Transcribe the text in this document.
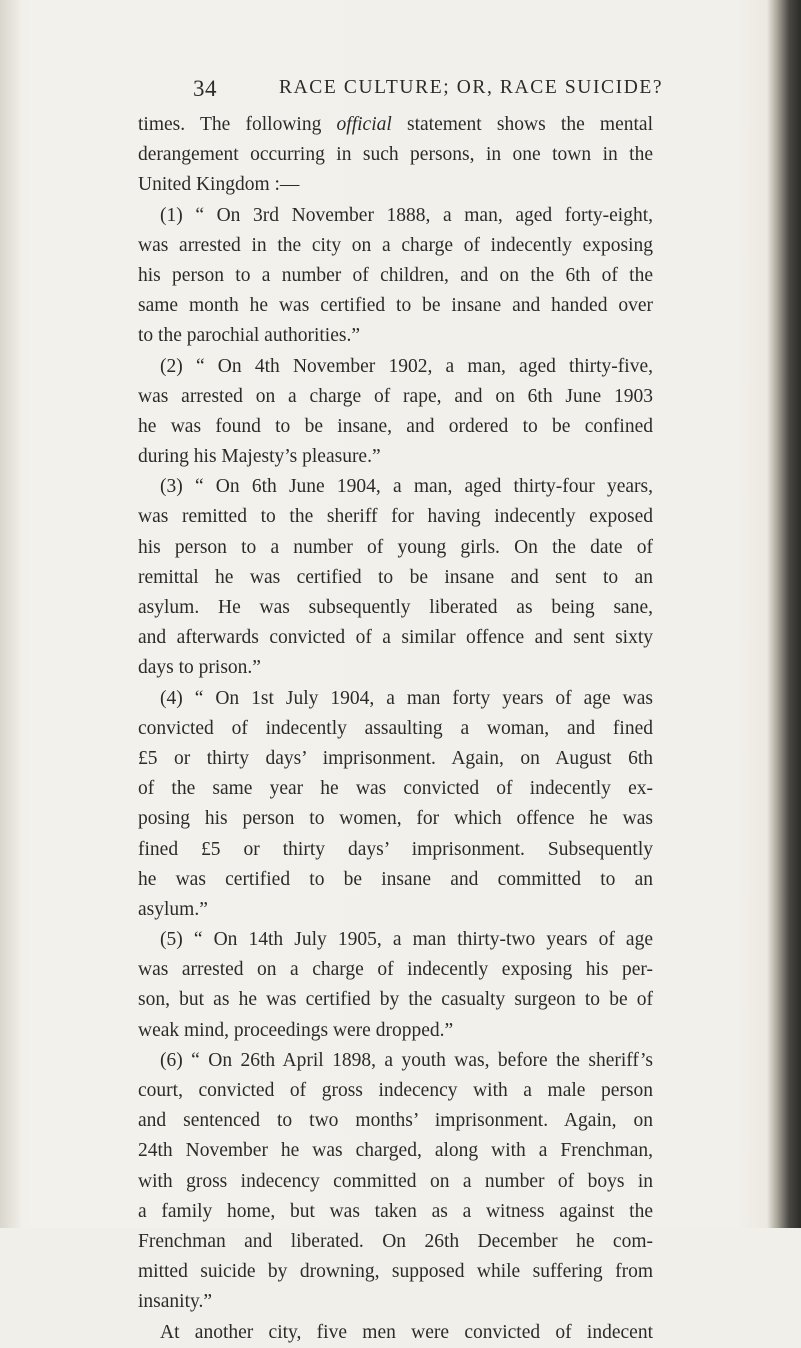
34	RACE CULTURE; OR, RACE SUICIDE?
times. The following official statement shows the mental
derangement occurring in such persons, in one town in the
United Kingdom :—
(1) “ On 3rd November 1888, a man, aged forty-eight,
was arrested in the city on a charge of indecently exposing
his person to a number of children, and on the 6th of the
same month he was certified to be insane and handed over
to the parochial authorities.”
(2) “ On 4th November 1902, a man, aged thirty-five,
was arrested on a charge of rape, and on 6th June 1903
he was found to be insane, and ordered to be confined
during his Majesty’s pleasure.”
(3) “ On 6th June 1904, a man, aged thirty-four years,
was remitted to the sheriff for having indecently exposed
his person to a number of young girls. On the date of
remittal he was certified to be insane and sent to an
asylum. He was subsequently liberated as being sane,
and afterwards convicted of a similar offence and sent sixty
days to prison.”
(4) “ On 1st July 1904, a man forty years of age was
convicted of indecently assaulting a woman, and fined
£5 or thirty days’ imprisonment. Again, on August 6th
of the same year he was convicted of indecently ex-
posing his person to women, for which offence he was
fined £5 or thirty days’ imprisonment. Subsequently
he was certified to be insane and committed to an
asylum.”
(5) “ On 14th July 1905, a man thirty-two years of age
was arrested on a charge of indecently exposing his per-
son, but as he was certified by the casualty surgeon to be of
weak mind, proceedings were dropped.”
(6) “ On 26th April 1898, a youth was, before the sheriff’s
court, convicted of gross indecency with a male person
and sentenced to two months’ imprisonment. Again, on
24th November he was charged, along with a Frenchman,
with gross indecency committed on a number of boys in
a family home, but was taken as a witness against the
Frenchman and liberated. On 26th December he com-
mitted suicide by drowning, supposed while suffering from
insanity.”
At another city, five men were convicted of indecent
